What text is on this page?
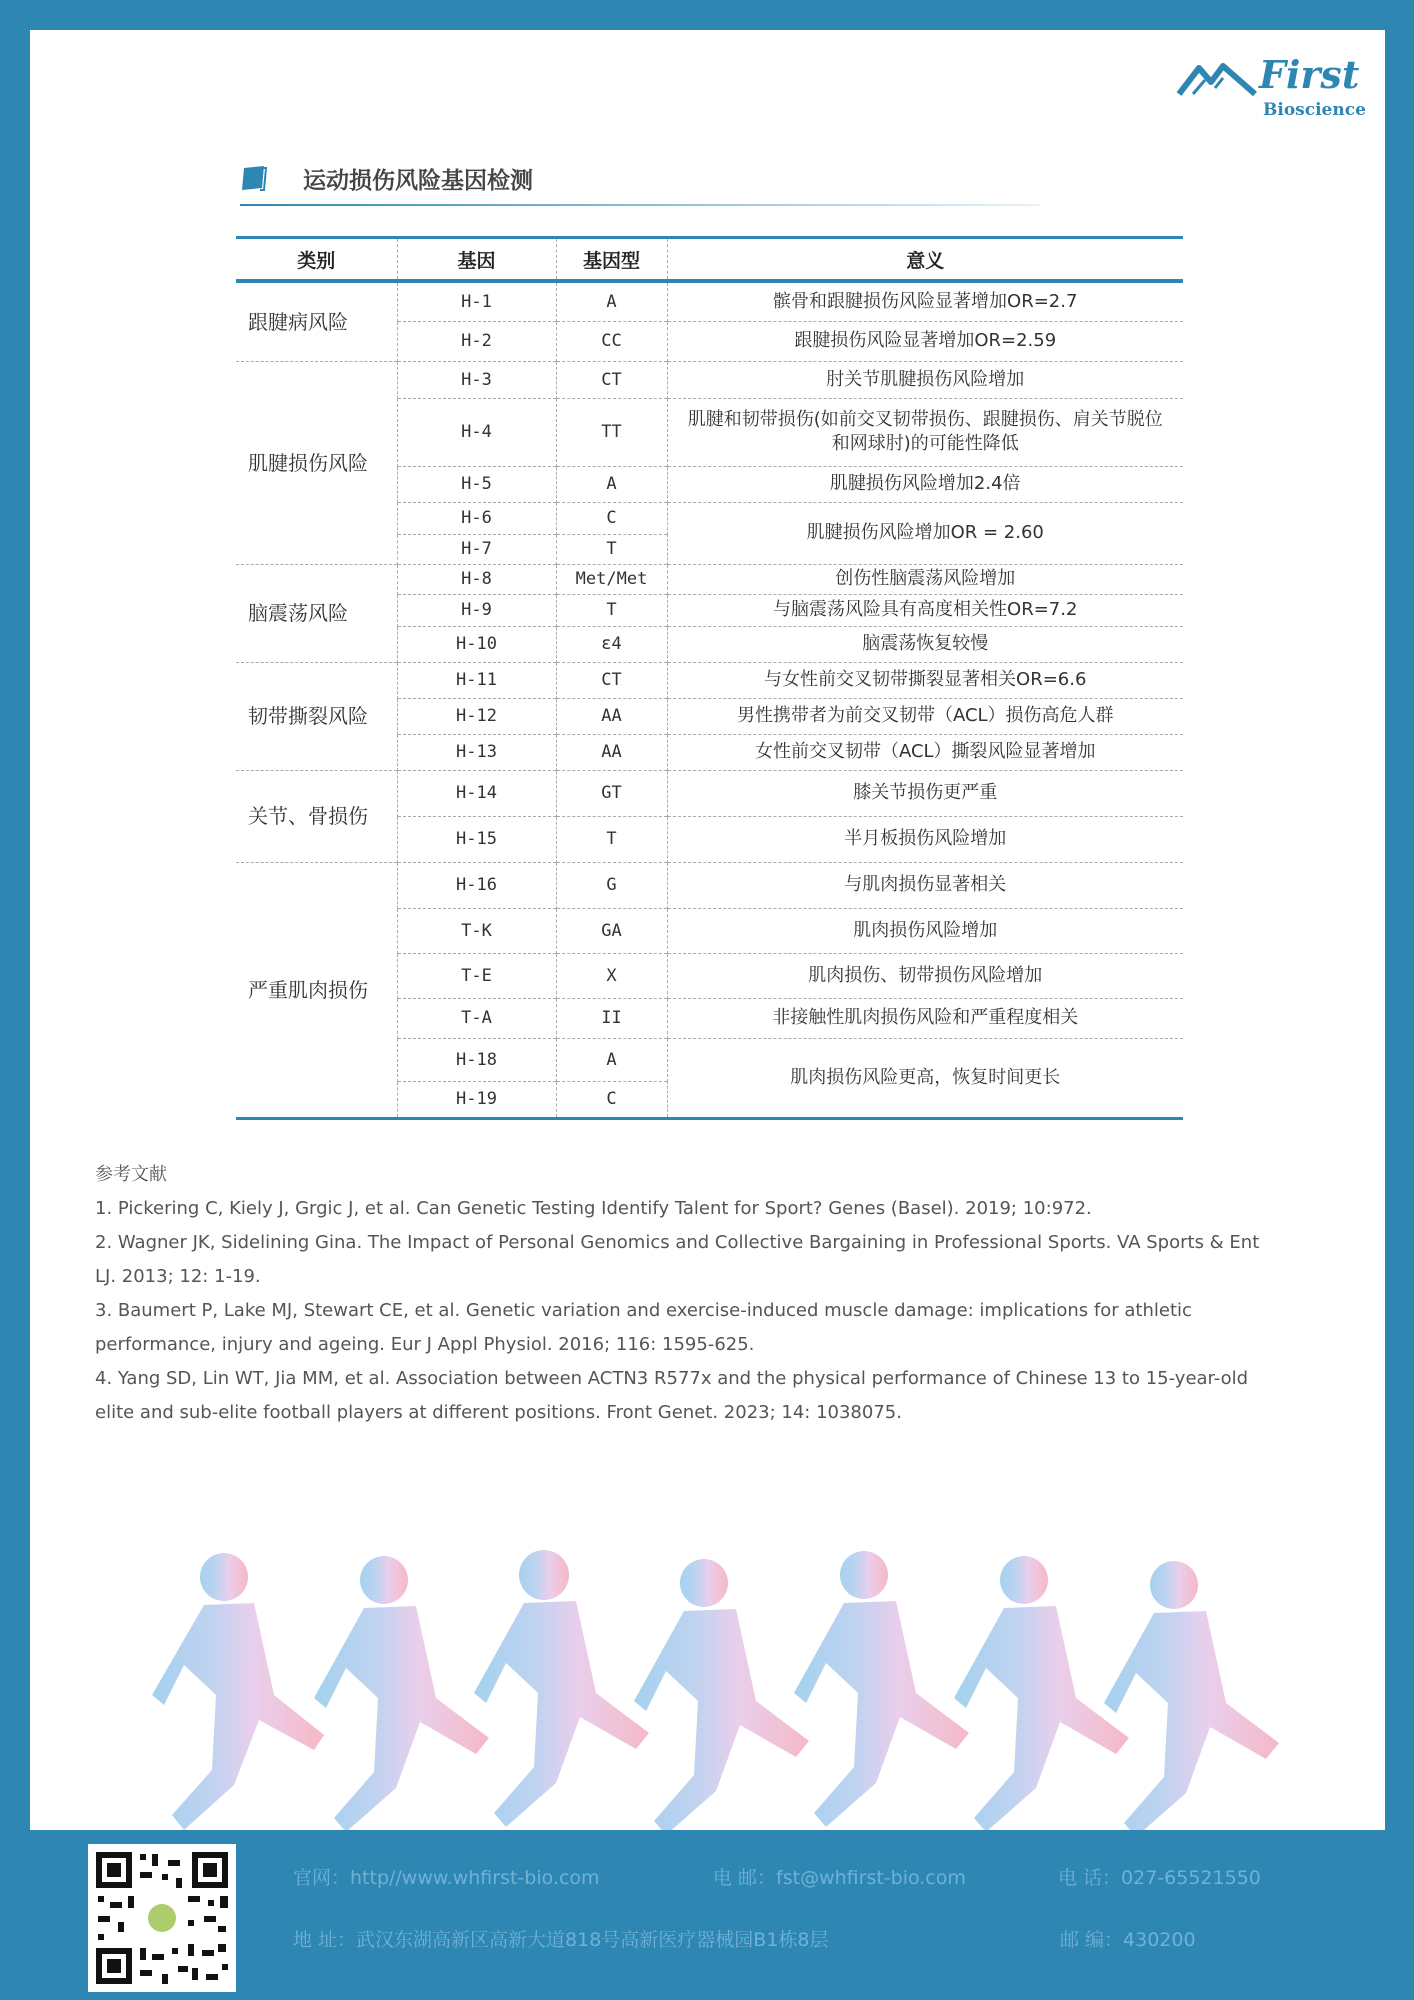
First
Bioscience
运动损伤风险基因检测
类别	基因	基因型	意义
跟腱病风险	H-1	A	髌骨和跟腱损伤风险显著增加OR=2.7
	H-2	CC	跟腱损伤风险显著增加OR=2.59
肌腱损伤风险	H-3	CT	肘关节肌腱损伤风险增加
	H-4	TT	肌腱和韧带损伤(如前交叉韧带损伤、跟腱损伤、肩关节脱位和网球肘)的可能性降低
	H-5	A	肌腱损伤风险增加2.4倍
	H-6	C	肌腱损伤风险增加OR = 2.60
	H-7	T	
脑震荡风险	H-8	Met/Met	创伤性脑震荡风险增加
	H-9	T	与脑震荡风险具有高度相关性OR=7.2
	H-10	ε4	脑震荡恢复较慢
韧带撕裂风险	H-11	CT	与女性前交叉韧带撕裂显著相关OR=6.6
	H-12	AA	男性携带者为前交叉韧带（ACL）损伤高危人群
	H-13	AA	女性前交叉韧带（ACL）撕裂风险显著增加
关节、骨损伤	H-14	GT	膝关节损伤更严重
	H-15	T	半月板损伤风险增加
严重肌肉损伤	H-16	G	与肌肉损伤显著相关
	T-K	GA	肌肉损伤风险增加
	T-E	X	肌肉损伤、韧带损伤风险增加
	T-A	II	非接触性肌肉损伤风险和严重程度相关
	H-18	A	肌肉损伤风险更高，恢复时间更长
	H-19	C	

参考文献

1. Pickering C, Kiely J, Grgic J, et al. Can Genetic Testing Identify Talent for Sport? Genes (Basel). 2019; 10:972.

2. Wagner JK, Sidelining Gina. The Impact of Personal Genomics and Collective Bargaining in Professional Sports. VA Sports & Ent LJ. 2013; 12: 1-19.

3. Baumert P, Lake MJ, Stewart CE, et al. Genetic variation and exercise-induced muscle damage: implications for athletic performance, injury and ageing. Eur J Appl Physiol. 2016; 116: 1595-625.

4. Yang SD, Lin WT, Jia MM, et al. Association between ACTN3 R577x and the physical performance of Chinese 13 to 15-year-old elite and sub-elite football players at different positions. Front Genet. 2023; 14: 1038075.

官网：http//www.whfirst-bio.com	电 邮：fst@whfirst-bio.com	电 话：027-65521550
地 址：武汉东湖高新区高新大道818号高新医疗器械园B1栋8层	邮 编：430200
